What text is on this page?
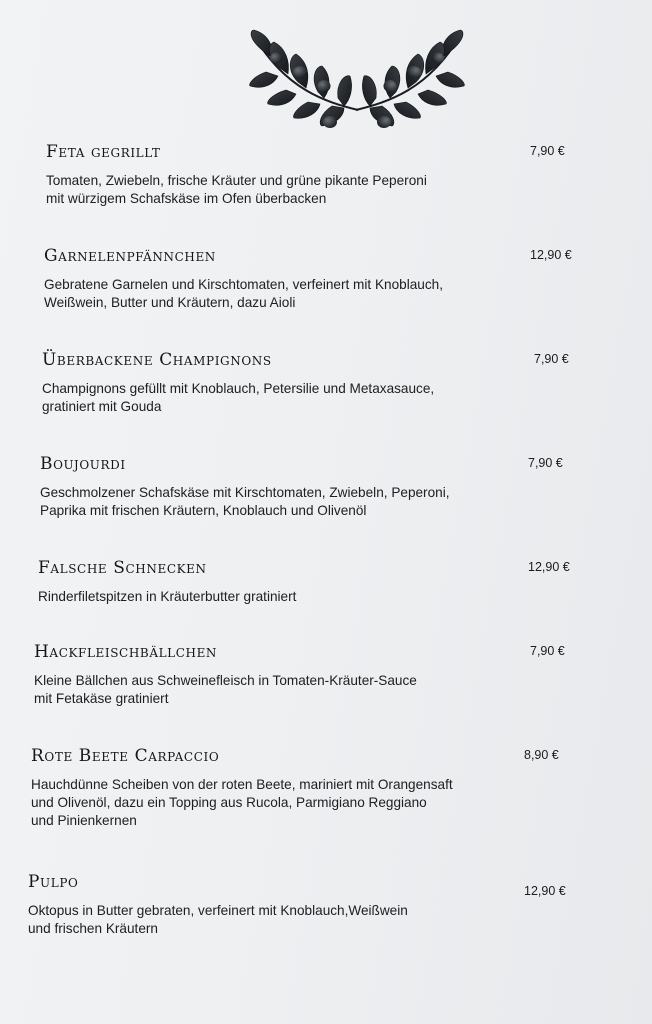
Feta gegrillt	7,90 €
Tomaten, Zwiebeln, frische Kräuter und grüne pikante Peperoni
mit würzigem Schafskäse im Ofen überbacken
Garnelenpfännchen	12,90 €
Gebratene Garnelen und Kirschtomaten, verfeinert mit Knoblauch,
Weißwein, Butter und Kräutern, dazu Aioli
Überbackene Champignons	7,90 €
Champignons gefüllt mit Knoblauch, Petersilie und Metaxasauce,
gratiniert mit Gouda
Boujourdi	7,90 €
Geschmolzener Schafskäse mit Kirschtomaten, Zwiebeln, Peperoni,
Paprika mit frischen Kräutern, Knoblauch und Olivenöl
Falsche Schnecken	12,90 €
Rinderfiletspitzen in Kräuterbutter gratiniert
Hackfleischbällchen	7,90 €
Kleine Bällchen aus Schweinefleisch in Tomaten-Kräuter-Sauce
mit Fetakäse gratiniert
Rote Beete Carpaccio	8,90 €
Hauchdünne Scheiben von der roten Beete, mariniert mit Orangensaft
und Olivenöl, dazu ein Topping aus Rucola, Parmigiano Reggiano
und Pinienkernen
Pulpo	12,90 €
Oktopus in Butter gebraten, verfeinert mit Knoblauch,Weißwein
und frischen Kräutern
